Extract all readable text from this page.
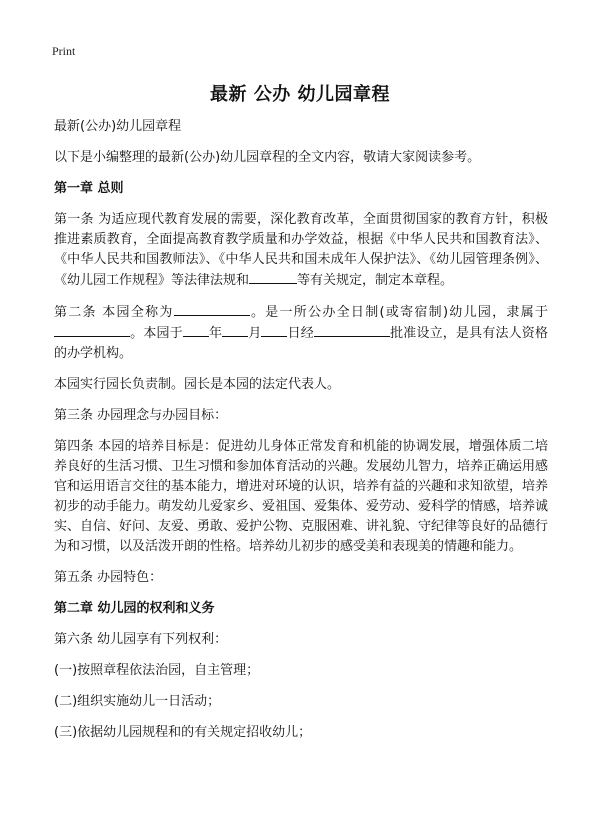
Print
最新 公办 幼儿园章程

最新(公办)幼儿园章程

以下是小编整理的最新(公办)幼儿园章程的全文内容，敬请大家阅读参考。

第一章 总则

第一条 为适应现代教育发展的需要，深化教育改革，全面贯彻国家的教育方针，积极推进素质教育，全面提高教育教学质量和办学效益，根据《中华人民共和国教育法》、《中华人民共和国教师法》、《中华人民共和国未成年人保护法》、《幼儿园管理条例》、《幼儿园工作规程》等法律法规和	等有关规定，制定本章程。

第二条 本园全称为	。是一所公办全日制(或寄宿制)幼儿园，隶属于。本园于 年 月 日经	批准设立，是具有法人资格的办学机构。

本园实行园长负责制。园长是本园的法定代表人。

第三条 办园理念与办园目标：

第四条 本园的培养目标是：促进幼儿身体正常发育和机能的协调发展，增强体质二培养良好的生活习惯、卫生习惯和参加体育活动的兴趣。发展幼儿智力，培养正确运用感官和运用语言交往的基本能力，增进对环境的认识，培养有益的兴趣和求知欲望，培养初步的动手能力。萌发幼儿爱家乡、爱祖国、爱集体、爱劳动、爱科学的情感，培养诚实、自信、好问、友爱、勇敢、爱护公物、克服困难、讲礼貌、守纪律等良好的品德行为和习惯，以及活泼开朗的性格。培养幼儿初步的感受美和表现美的情趣和能力。

第五条 办园特色：

第二章 幼儿园的权利和义务

第六条 幼儿园享有下列权利：

(一)按照章程依法治园，自主管理；

(二)组织实施幼儿一日活动；

(三)依据幼儿园规程和的有关规定招收幼儿；
